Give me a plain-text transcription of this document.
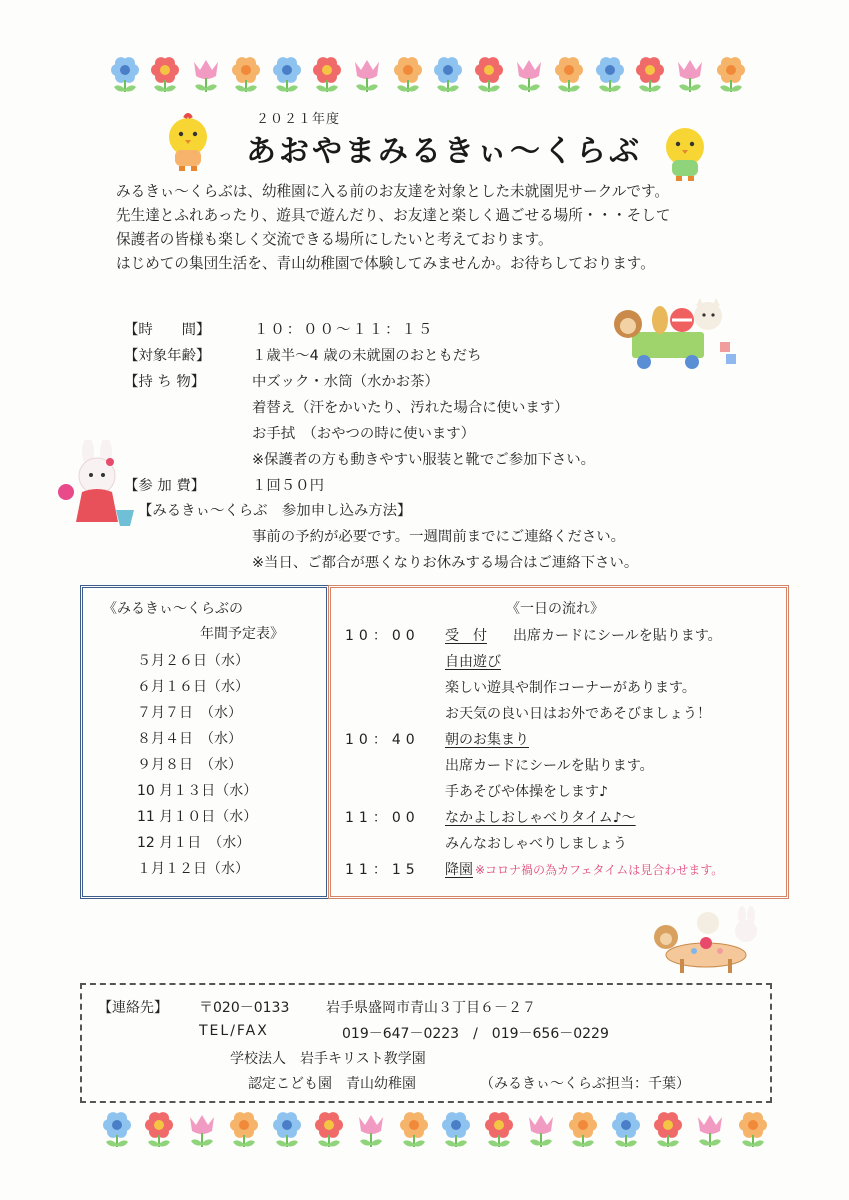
２０２１年度
あおやまみるきぃ～くらぶ

みるきぃ～くらぶは、幼稚園に入る前のお友達を対象とした未就園児サークルです。

先生達とふれあったり、遊具で遊んだり、お友達と楽しく過ごせる場所・・・そして

保護者の皆様も楽しく交流できる場所にしたいと考えております。

はじめての集団生活を、青山幼稚園で体験してみませんか。お待ちしております。

【時　　間】	１０：００～１１：１５
【対象年齢】	１歳半～4 歳の未就園のおともだち
【持 ち 物】	中ズック・水筒（水かお茶）
着替え（汗をかいたり、汚れた場合に使います）
お手拭　（おやつの時に使います）
※保護者の方も動きやすい服装と靴でご参加下さい。
【参 加 費】	１回５０円
【みるきぃ～くらぶ　参加申し込み方法】
事前の予約が必要です。一週間前までにご連絡ください。
※当日、ご都合が悪くなりお休みする場合はご連絡下さい。
《みるきぃ～くらぶの
年間予定表》
５月２６日（水）
６月１６日（水）
７月７日　（水）
８月４日　（水）
９月８日　（水）
10 月１３日（水）
11 月１０日（水）
12 月１日　（水）
１月１２日（水）
《一日の流れ》
10：00 受　付 出席カードにシールを貼ります。
自由遊び
楽しい遊具や制作コーナーがあります。
お天気の良い日はお外であそびましょう！
10：40 朝のお集まり
出席カードにシールを貼ります。
手あそびや体操をします♪
11：00 なかよしおしゃべりタイム♪～
みんなおしゃべりしましょう
11：15 降園 ※コロナ禍の為カフェタイムは見合わせます。
【連絡先】 〒020－0133	岩手県盛岡市青山３丁目６－２７
TEL/FAX	019－647－0223　/　019－656－0229
学校法人　岩手キリスト教学園
認定こども園　青山幼稚園	（みるきぃ～くらぶ担当：千葉）
